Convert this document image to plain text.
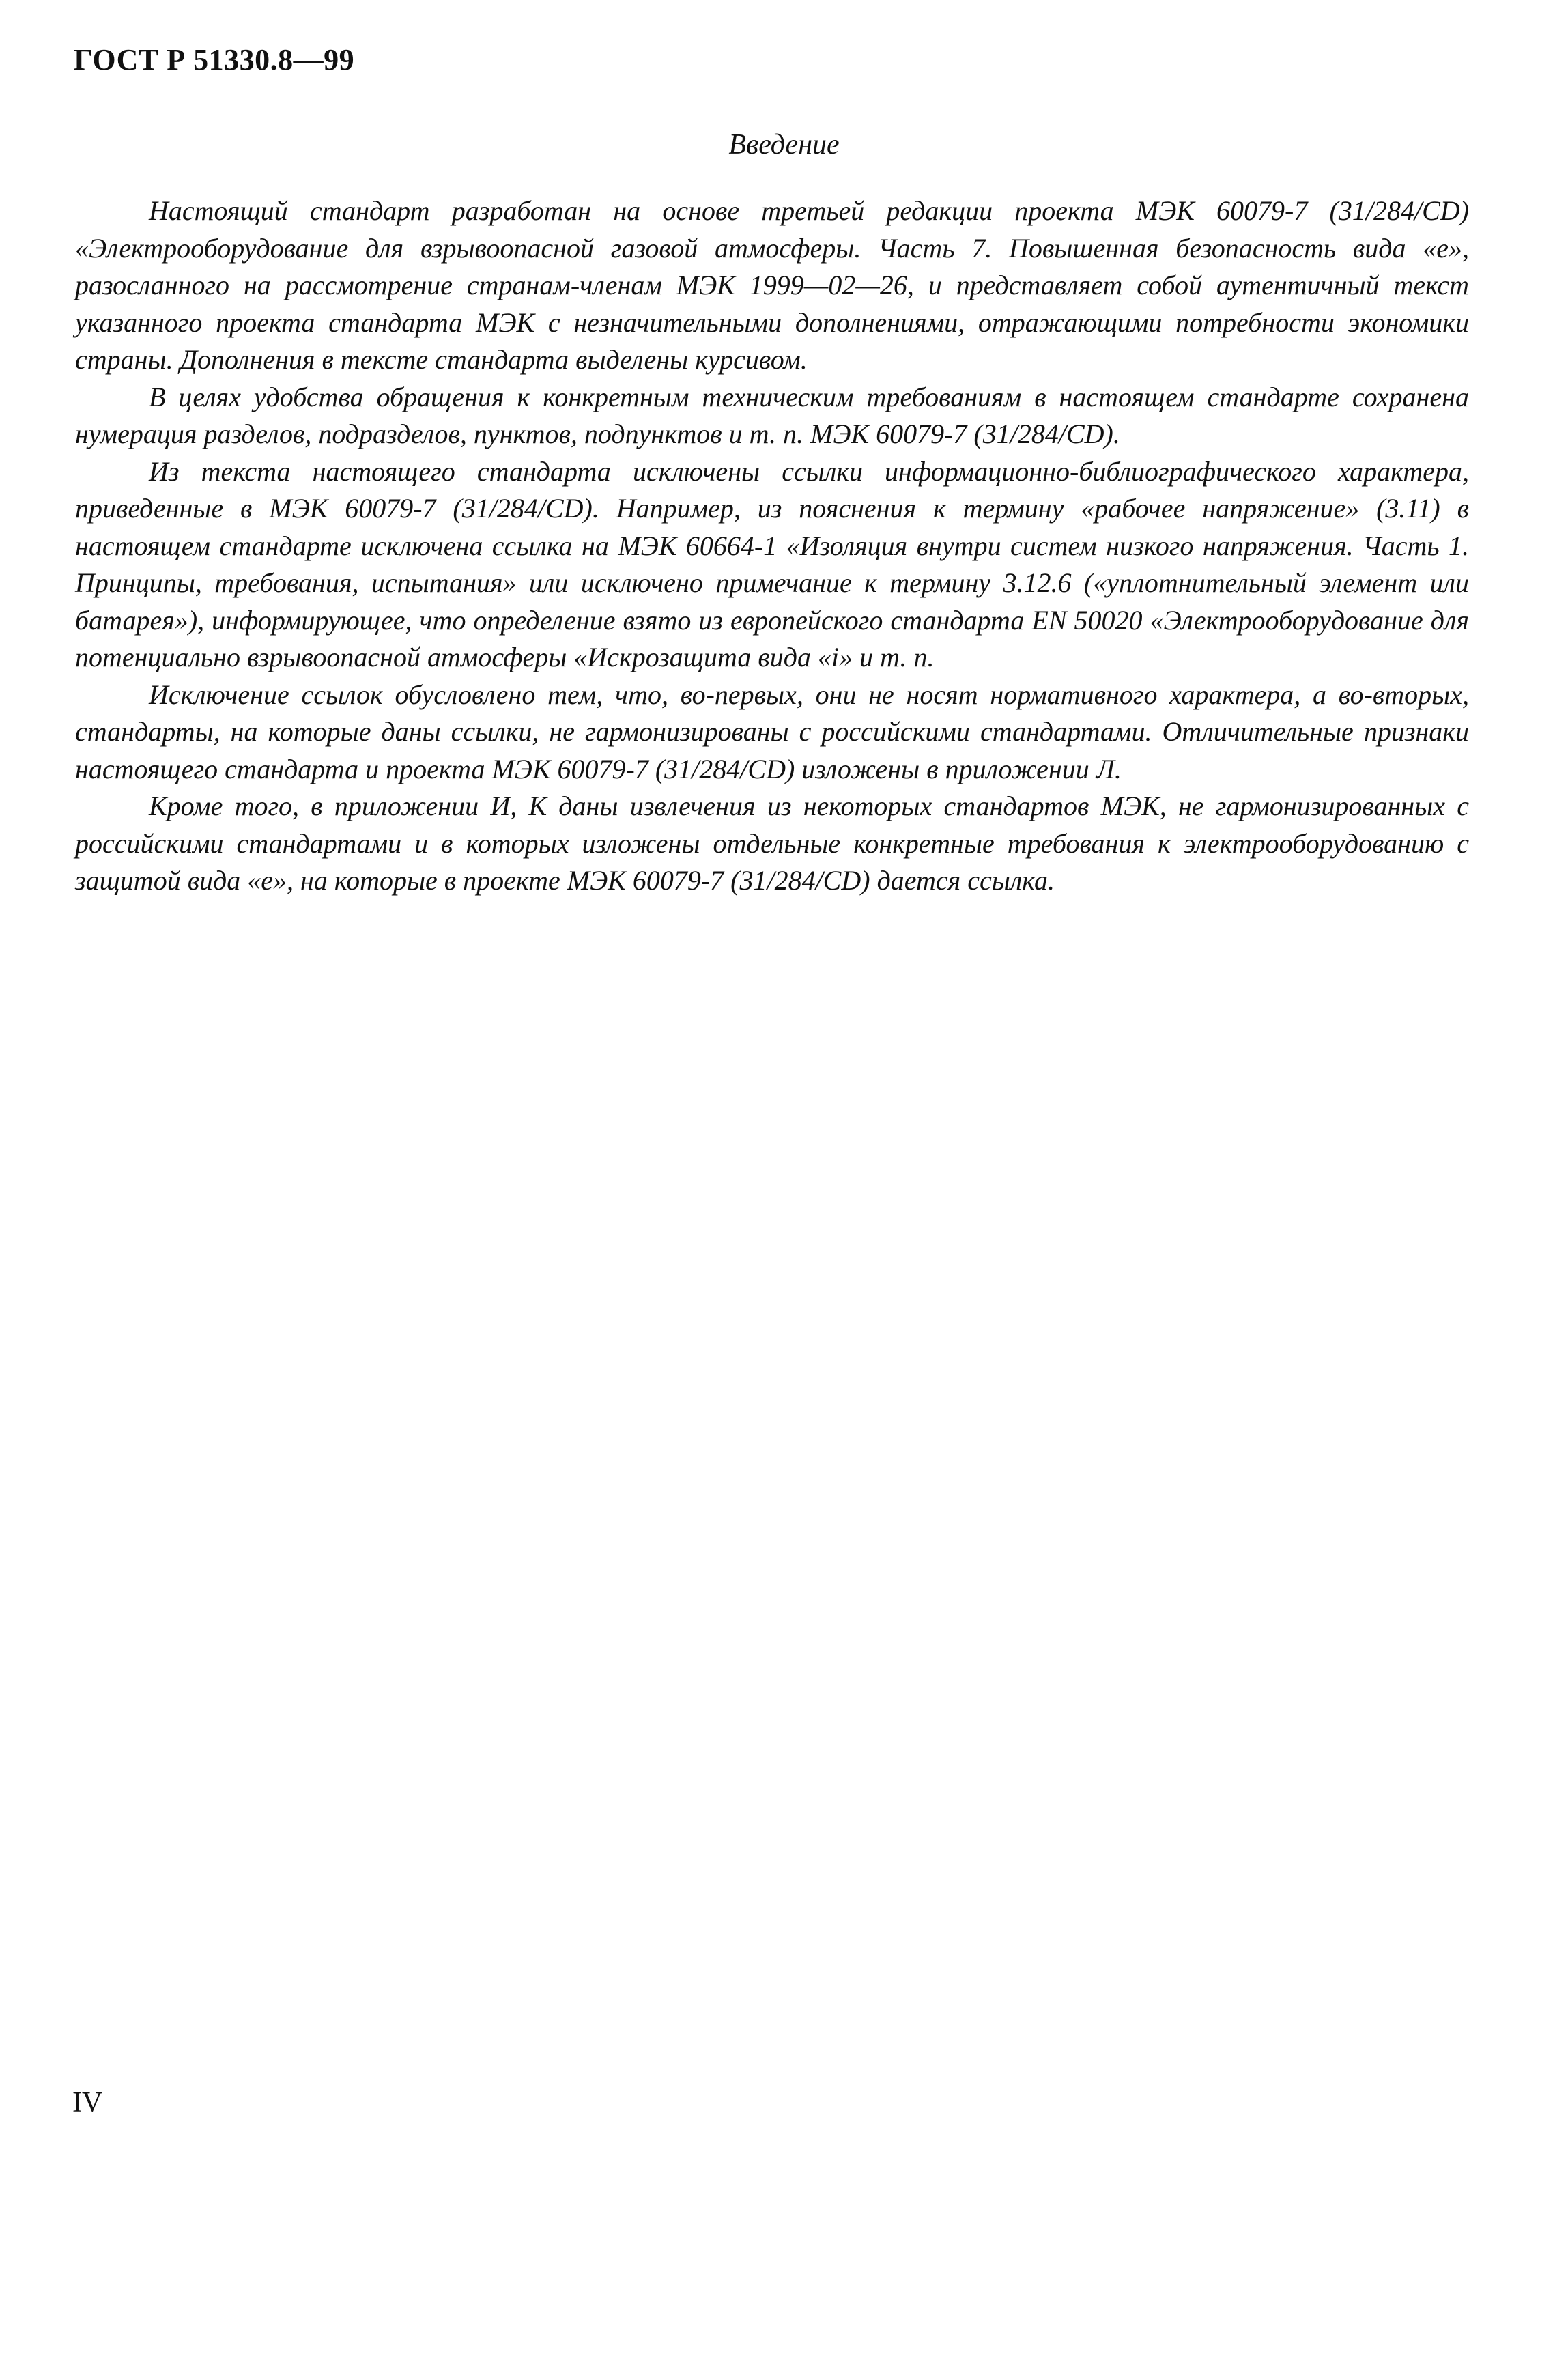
ГОСТ Р 51330.8—99
Введение

Настоящий стандарт разработан на основе третьей редакции проекта МЭК 60079-7 (31/284/CD) «Электрооборудование для взрывоопасной газовой атмосферы. Часть 7. Повышенная безопасность вида «е», разосланного на рассмотрение странам-членам МЭК 1999—02—26, и представляет собой аутентичный текст указанного проекта стандарта МЭК с незначительными дополнениями, отражающими потребности экономики страны. Дополнения в тексте стандарта выделены курсивом.

В целях удобства обращения к конкретным техническим требованиям в настоящем стандарте сохранена нумерация разделов, подразделов, пунктов, подпунктов и т. п. МЭК 60079-7 (31/284/CD).

Из текста настоящего стандарта исключены ссылки информационно-библиографического характера, приведенные в МЭК 60079-7 (31/284/CD). Например, из пояснения к термину «рабочее напряжение» (3.11) в настоящем стандарте исключена ссылка на МЭК 60664-1 «Изоляция внутри систем низкого напряжения. Часть 1. Принципы, требования, испытания» или исключено примечание к термину 3.12.6 («уплотнительный элемент или батарея»), информирующее, что определение взято из европейского стандарта EN 50020 «Электрооборудование для потенциально взрывоопасной атмосферы «Искрозащита вида «i» и т. п.

Исключение ссылок обусловлено тем, что, во-первых, они не носят нормативного характера, а во-вторых, стандарты, на которые даны ссылки, не гармонизированы с российскими стандартами. Отличительные признаки настоящего стандарта и проекта МЭК 60079-7 (31/284/CD) изложены в приложении Л.

Кроме того, в приложении И, К даны извлечения из некоторых стандартов МЭК, не гармонизированных с российскими стандартами и в которых изложены отдельные конкретные требования к электрооборудованию с защитой вида «е», на которые в проекте МЭК 60079-7 (31/284/CD) дается ссылка.

IV
